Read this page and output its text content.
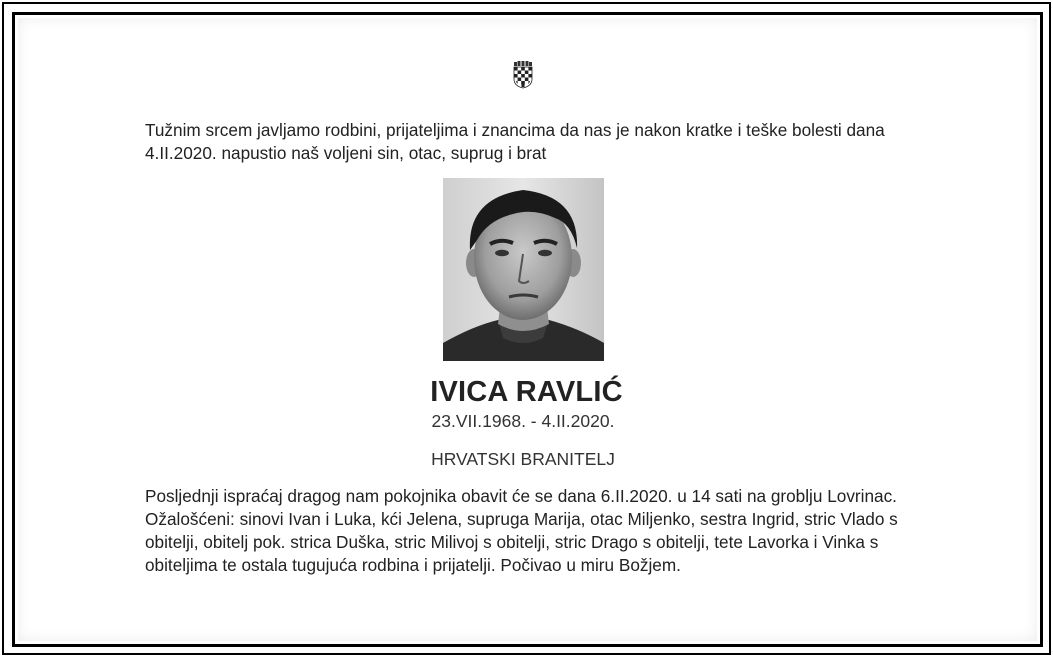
Tužnim srcem javljamo rodbini, prijateljima i znancima da nas je nakon kratke i teške bolesti dana 4.II.2020. napustio naš voljeni sin, otac, suprug i brat
IVICA RAVLIĆ
23.VII.1968. - 4.II.2020.
HRVATSKI BRANITELJ
Posljednji ispraćaj dragog nam pokojnika obavit će se dana 6.II.2020. u 14 sati na groblju Lovrinac. Ožalošćeni: sinovi Ivan i Luka, kći Jelena, supruga Marija, otac Miljenko, sestra Ingrid, stric Vlado s obitelji, obitelj pok. strica Duška, stric Milivoj s obitelji, stric Drago s obitelji, tete Lavorka i Vinka s obiteljima te ostala tugujuća rodbina i prijatelji. Počivao u miru Božjem.
